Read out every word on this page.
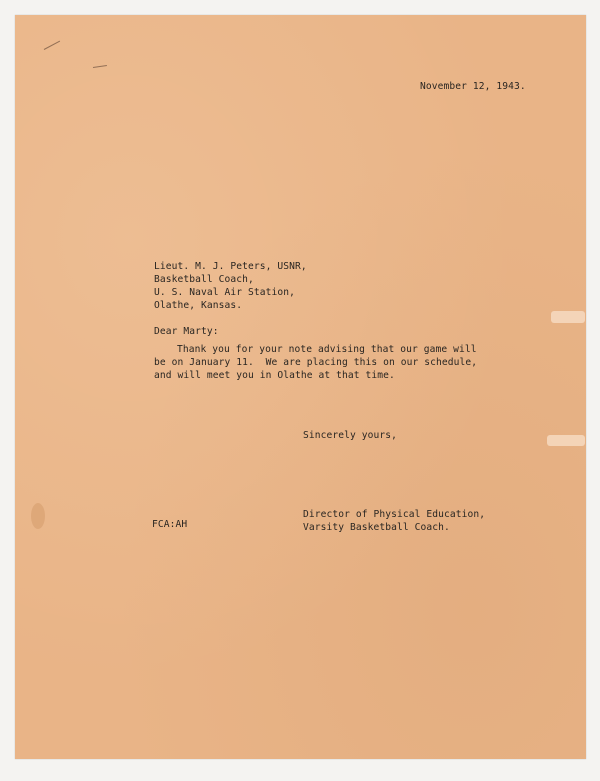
November 12, 1943.
Lieut. M. J. Peters, USNR,
Basketball Coach,
U. S. Naval Air Station,
Olathe, Kansas.
Dear Marty:
Thank you for your note advising that our game will
be on January 11.  We are placing this on our schedule,
and will meet you in Olathe at that time.
Sincerely yours,
FCA:AH
Director of Physical Education,
Varsity Basketball Coach.
